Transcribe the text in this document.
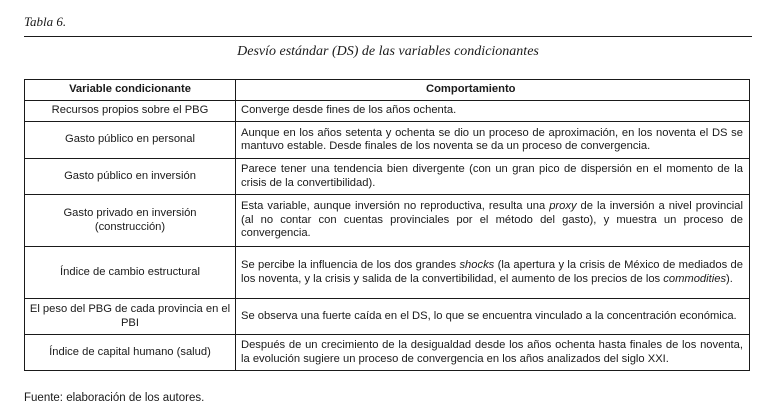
Tabla 6.
Desvío estándar (DS) de las variables condicionantes
Variable condicionante	Comportamiento
Recursos propios sobre el PBG	Converge desde fines de los años ochenta.
Gasto público en personal	Aunque en los años setenta y ochenta se dio un proceso de aproximación, en los noventa el DS se mantuvo estable. Desde finales de los noventa se da un proceso de convergencia.
Gasto público en inversión	Parece tener una tendencia bien divergente (con un gran pico de dispersión en el momento de la crisis de la convertibilidad).
Gasto privado en inversión (construcción)	Esta variable, aunque inversión no reproductiva, resulta una proxy de la inversión a nivel provincial (al no contar con cuentas provinciales por el método del gasto), y muestra un proceso de convergencia.
Índice de cambio estructural	Se percibe la influencia de los dos grandes shocks (la apertura y la crisis de México de mediados de los noventa, y la crisis y salida de la convertibilidad, el aumento de los precios de los commodities).
El peso del PBG de cada provincia en el PBI	Se observa una fuerte caída en el DS, lo que se encuentra vinculado a la concentración económica.
Índice de capital humano (salud)	Después de un crecimiento de la desigualdad desde los años ochenta hasta finales de los noventa, la evolución sugiere un proceso de convergencia en los años analizados del siglo XXI.
Fuente: elaboración de los autores.
